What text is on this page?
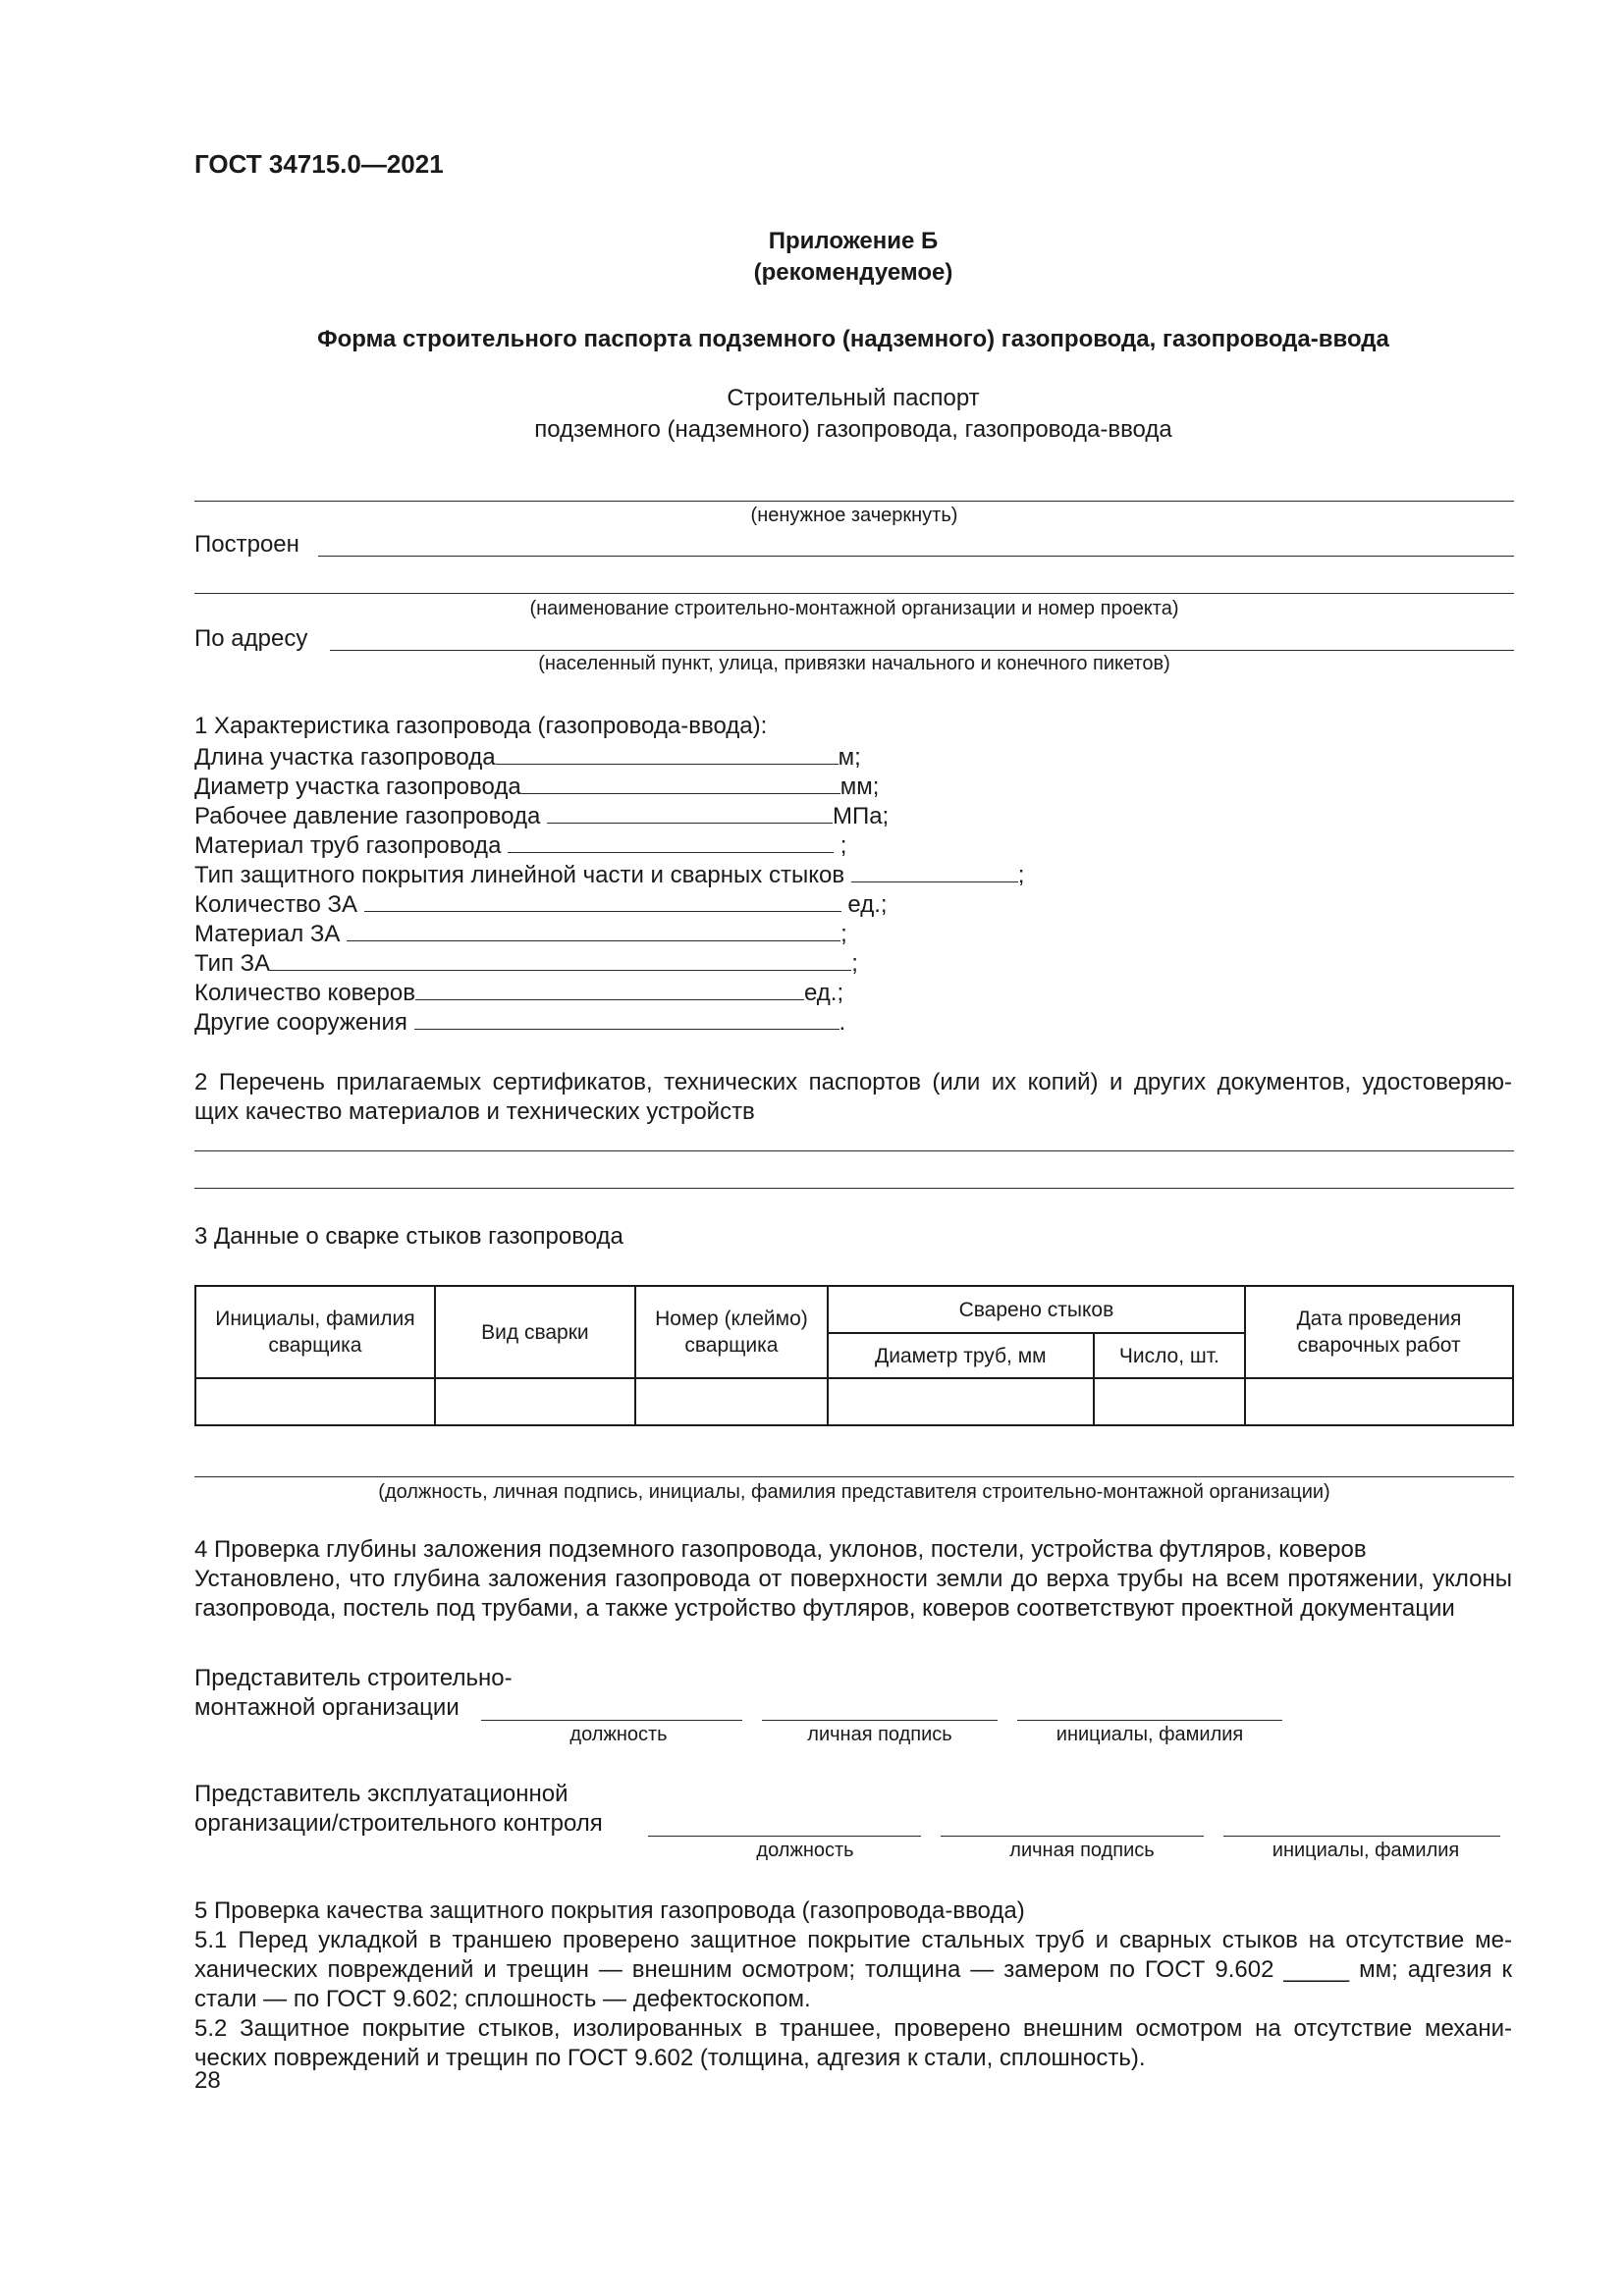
ГОСТ 34715.0—2021
Приложение Б
(рекомендуемое)
Форма строительного паспорта подземного (надземного) газопровода, газопровода-ввода
Строительный паспорт
подземного (надземного) газопровода, газопровода-ввода
(ненужное зачеркнуть)
Построен
(наименование строительно-монтажной организации и номер проекта)
По адресу
(населенный пункт, улица, привязки начального и конечного пикетов)
1 Характеристика газопровода (газопровода-ввода):
Длина участка газопровода	м;
Диаметр участка газопровода	мм;
Рабочее давление газопровода	МПа;
Материал труб газопровода	;
Тип защитного покрытия линейной части и сварных стыков	;
Количество ЗА	ед.;
Материал ЗА	;
Тип ЗА	;
Количество коверов	ед.;
Другие сооружения	.
2 Перечень прилагаемых сертификатов, технических паспортов (или их копий) и других документов, удостоверяю-
щих качество материалов и технических устройств
3 Данные о сварке стыков газопровода
Инициалы, фамилия сварщика	Вид сварки	Номер (клеймо) сварщика	Сварено стыков		Дата проведения сварочных работ
			Диаметр труб, мм	Число, шт.	

(должность, личная подпись, инициалы, фамилия представителя строительно-монтажной организации)
4 Проверка глубины заложения подземного газопровода, уклонов, постели, устройства футляров, коверов
Установлено, что глубина заложения газопровода от поверхности земли до верха трубы на всем протяжении, уклоны
газопровода, постель под трубами, а также устройство футляров, коверов соответствуют проектной документации
Представитель строительно-
монтажной организации
должность	личная подпись	инициалы, фамилия
Представитель эксплуатационной
организации/строительного контроля
должность	личная подпись	инициалы, фамилия
5 Проверка качества защитного покрытия газопровода (газопровода-ввода)
5.1 Перед укладкой в траншею проверено защитное покрытие стальных труб и сварных стыков на отсутствие ме-
ханических повреждений и трещин — внешним осмотром; толщина — замером по ГОСТ 9.602 _____ мм; адгезия к
стали — по ГОСТ 9.602; сплошность — дефектоскопом.
5.2 Защитное покрытие стыков, изолированных в траншее, проверено внешним осмотром на отсутствие механи-
ческих повреждений и трещин по ГОСТ 9.602 (толщина, адгезия к стали, сплошность).
28
